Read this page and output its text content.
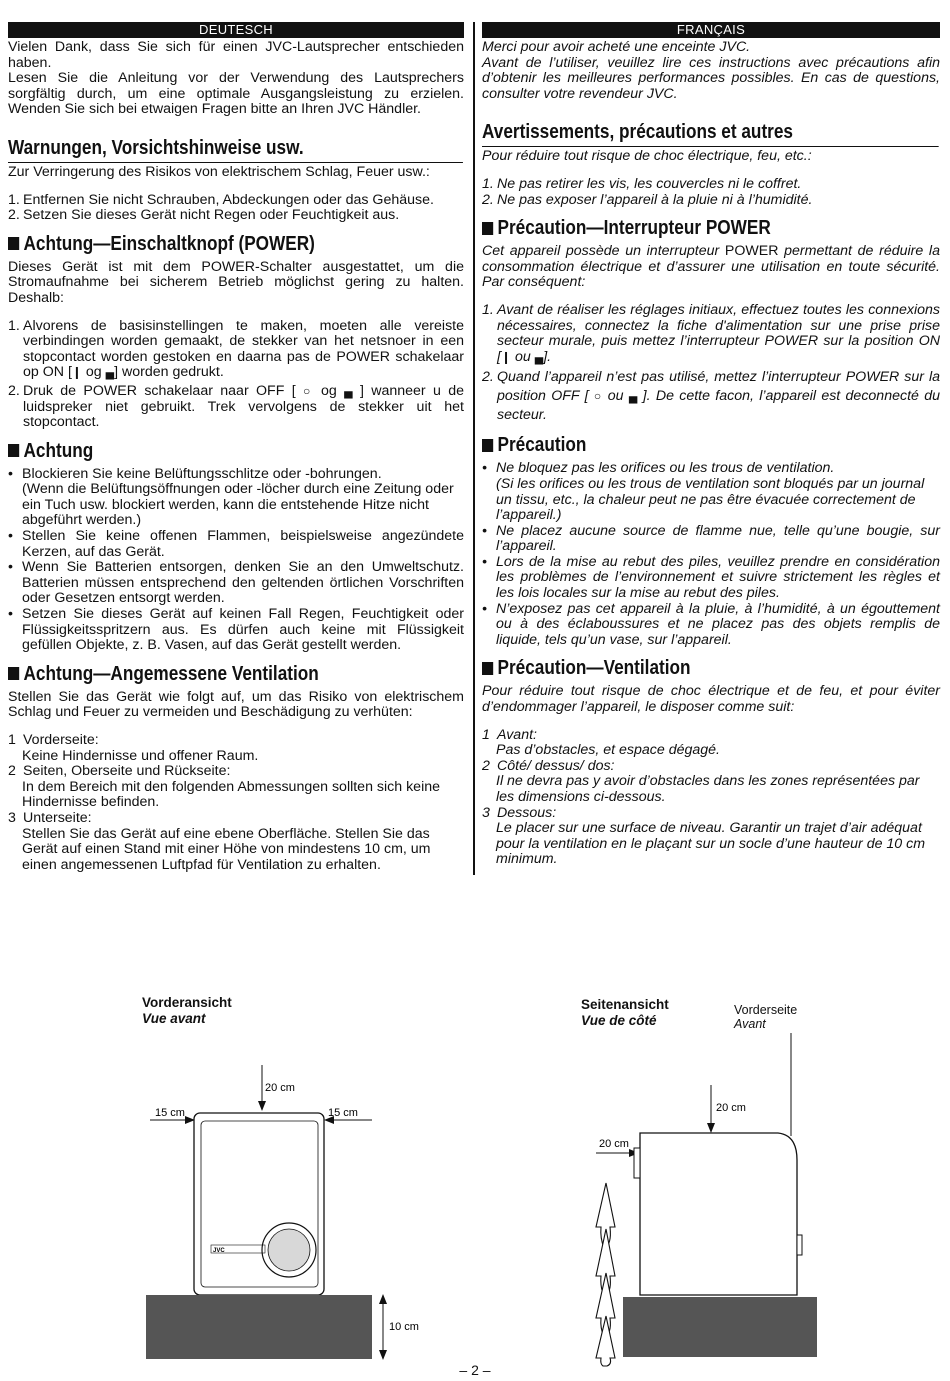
DEUTESCH

Vielen Dank, dass Sie sich für einen JVC-Lautsprecher entschieden haben.

Lesen Sie die Anleitung vor der Verwendung des Lautsprechers sorgfältig durch, um eine optimale Ausgangsleistung zu erzielen. Wenden Sie sich bei etwaigen Fragen bitte an Ihren JVC Händler.

Warnungen, Vorsichtshinweise usw.

Zur Verringerung des Risikos von elektrischem Schlag, Feuer usw.:

1. Entfernen Sie nicht Schrauben, Abdeckungen oder das Gehäuse.
2. Setzen Sie dieses Gerät nicht Regen oder Feuchtigkeit aus.
Achtung—Einschaltknopf (POWER)

Dieses Gerät ist mit dem POWER-Schalter ausgestattet, um die Stromaufnahme bei sicherem Betrieb möglichst gering zu halten. Deshalb:

1. Alvorens de basisinstellingen te maken, moeten alle vereiste verbindingen worden gemaakt, de stekker van het netsnoer in een stopcontact worden gestoken en daarna pas de POWER schakelaar op ON [❙ og ▄] worden gedrukt.
2. Druk de POWER schakelaar naar OFF [ ○ og ▄ ] wanneer u de luidspreker niet gebruikt. Trek vervolgens de stekker uit het stopcontact.
Achtung
• Blockieren Sie keine Belüftungsschlitze oder -bohrungen.
(Wenn die Belüftungsöffnungen oder -löcher durch eine Zeitung oder ein Tuch usw. blockiert werden, kann die entstehende Hitze nicht abgeführt werden.)
• Stellen Sie keine offenen Flammen, beispielsweise angezündete Kerzen, auf das Gerät.
• Wenn Sie Batterien entsorgen, denken Sie an den Umweltschutz. Batterien müssen entsprechend den geltenden örtlichen Vorschriften oder Gesetzen entsorgt werden.
• Setzen Sie dieses Gerät auf keinen Fall Regen, Feuchtigkeit oder Flüssigkeitsspritzern aus. Es dürfen auch keine mit Flüssigkeit gefüllen Objekte, z. B. Vasen, auf das Gerät gestellt werden.
Achtung—Angemessene Ventilation

Stellen Sie das Gerät wie folgt auf, um das Risiko von elektrischem Schlag und Feuer zu vermeiden und Beschädigung zu verhüten:

1 Vorderseite:
Keine Hindernisse und offener Raum.
2 Seiten, Oberseite und Rückseite:
In dem Bereich mit den folgenden Abmessungen sollten sich keine Hindernisse befinden.
3 Unterseite:
Stellen Sie das Gerät auf eine ebene Oberfläche. Stellen Sie das Gerät auf einen Stand mit einer Höhe von mindestens 10 cm, um einen angemessenen Luftpfad für Ventilation zu erhalten.
FRANÇAIS

Merci pour avoir acheté une enceinte JVC.

Avant de l’utiliser, veuillez lire ces instructions avec précautions afin d’obtenir les meilleures performances possibles. En cas de questions, consulter votre revendeur JVC.

Avertissements, précautions et autres

Pour réduire tout risque de choc électrique, feu, etc.:

1. Ne pas retirer les vis, les couvercles ni le coffret.
2. Ne pas exposer l’appareil à la pluie ni à l’humidité.
Précaution—Interrupteur POWER

Cet appareil possède un interrupteur POWER permettant de réduire la consommation électrique et d’assurer une utilisation en toute sécurité. Par conséquent:

1. Avant de réaliser les réglages initiaux, effectuez toutes les connexions nécessaires, connectez la fiche d'alimentation sur une prise prise secteur murale, puis mettez l’interrupteur POWER sur la position ON [❙ ou ▄].
2. Quand l’appareil n’est pas utilisé, mettez l’interrupteur POWER sur la position OFF [ ○ ou ▄ ]. De cette facon, l’appareil est deconnecté du secteur.
Précaution
• Ne bloquez pas les orifices ou les trous de ventilation.
(Si les orifices ou les trous de ventilation sont bloqués par un journal un tissu, etc., la chaleur peut ne pas être évacuée correctement de l’appareil.)
• Ne placez aucune source de flamme nue, telle qu’une bougie, sur l’appareil.
• Lors de la mise au rebut des piles, veuillez prendre en considération les problèmes de l’environnement et suivre strictement les règles et les lois locales sur la mise au rebut des piles.
• N’exposez pas cet appareil à la pluie, à l’humidité, à un égouttement ou à des éclaboussures et ne placez pas des objets remplis de liquide, tels qu’un vase, sur l’appareil.
Précaution—Ventilation

Pour réduire tout risque de choc électrique et de feu, et pour éviter d’endommager l’appareil, le disposer comme suit:

1 Avant:
Pas d’obstacles, et espace dégagé.
2 Côté/ dessus/ dos:
Il ne devra pas y avoir d’obstacles dans les zones représentées par les dimensions ci-dessous.
3 Dessous:
Le placer sur une surface de niveau. Garantir un trajet d’air adéquat pour la ventilation en le plaçant sur un socle d’une hauteur de 10 cm minimum.
Vorderansicht
Vue avant
Seitenansicht
Vue de côté
Vorderseite
Avant
20 cm
15 cm	15 cm
JVC
10 cm
20 cm
20 cm
– 2 –
